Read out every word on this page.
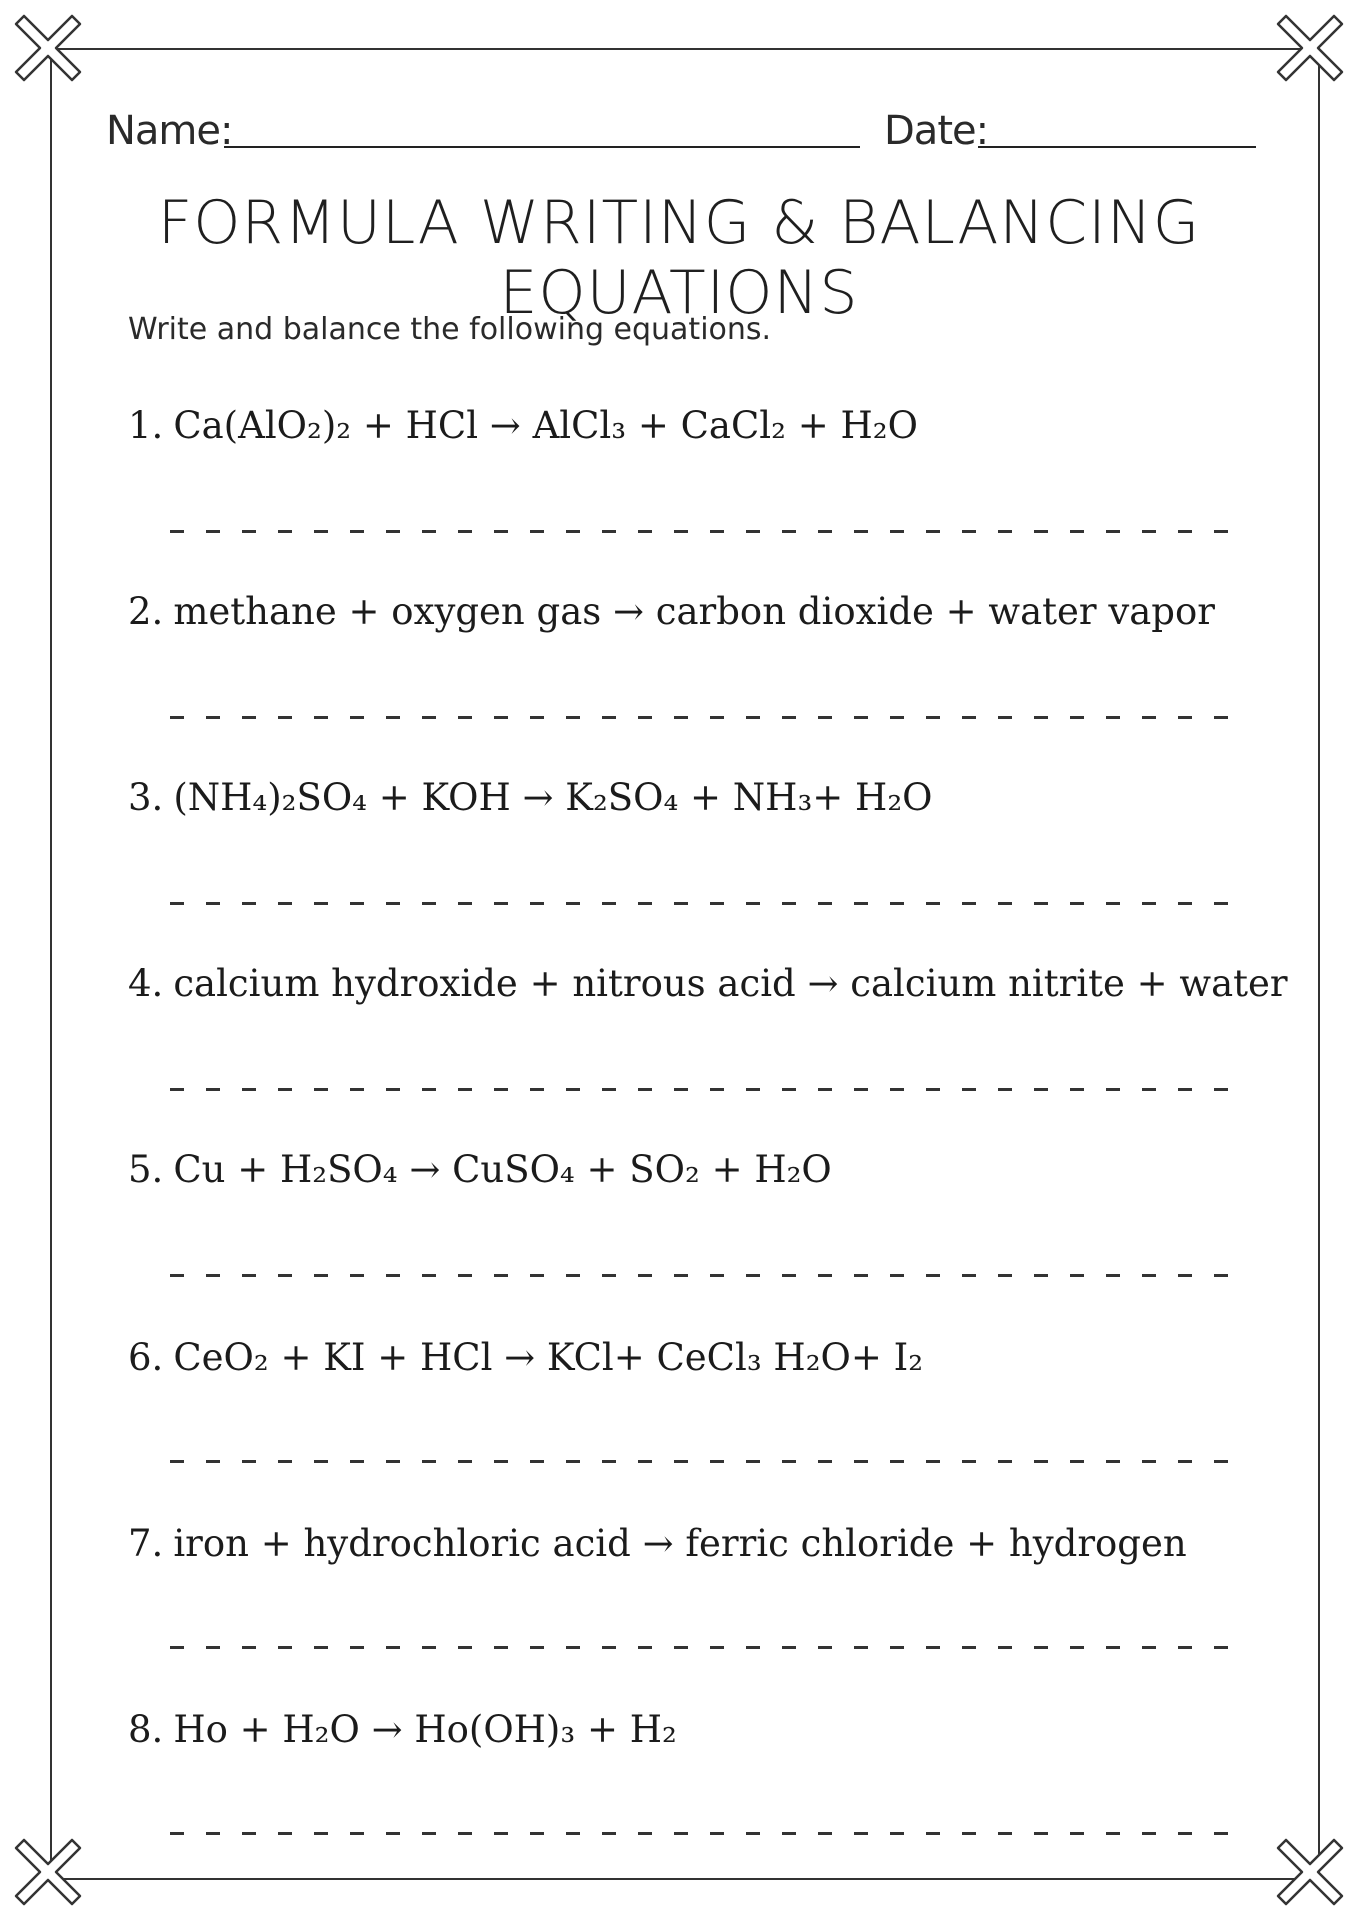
Name:	Date:
FORMULA WRITING & BALANCING EQUATIONS
Write and balance the following equations.
1. Ca(AlO₂)₂ + HCl → AlCl₃ + CaCl₂ + H₂O
2. methane + oxygen gas → carbon dioxide + water vapor
3. (NH₄)₂SO₄ + KOH → K₂SO₄ + NH₃+ H₂O
4. calcium hydroxide + nitrous acid → calcium nitrite + water
5. Cu + H₂SO₄ → CuSO₄ + SO₂ + H₂O
6. CeO₂ + KI + HCl → KCl+ CeCl₃ H₂O+ I₂
7. iron + hydrochloric acid → ferric chloride + hydrogen
8. Ho + H₂O → Ho(OH)₃ + H₂
